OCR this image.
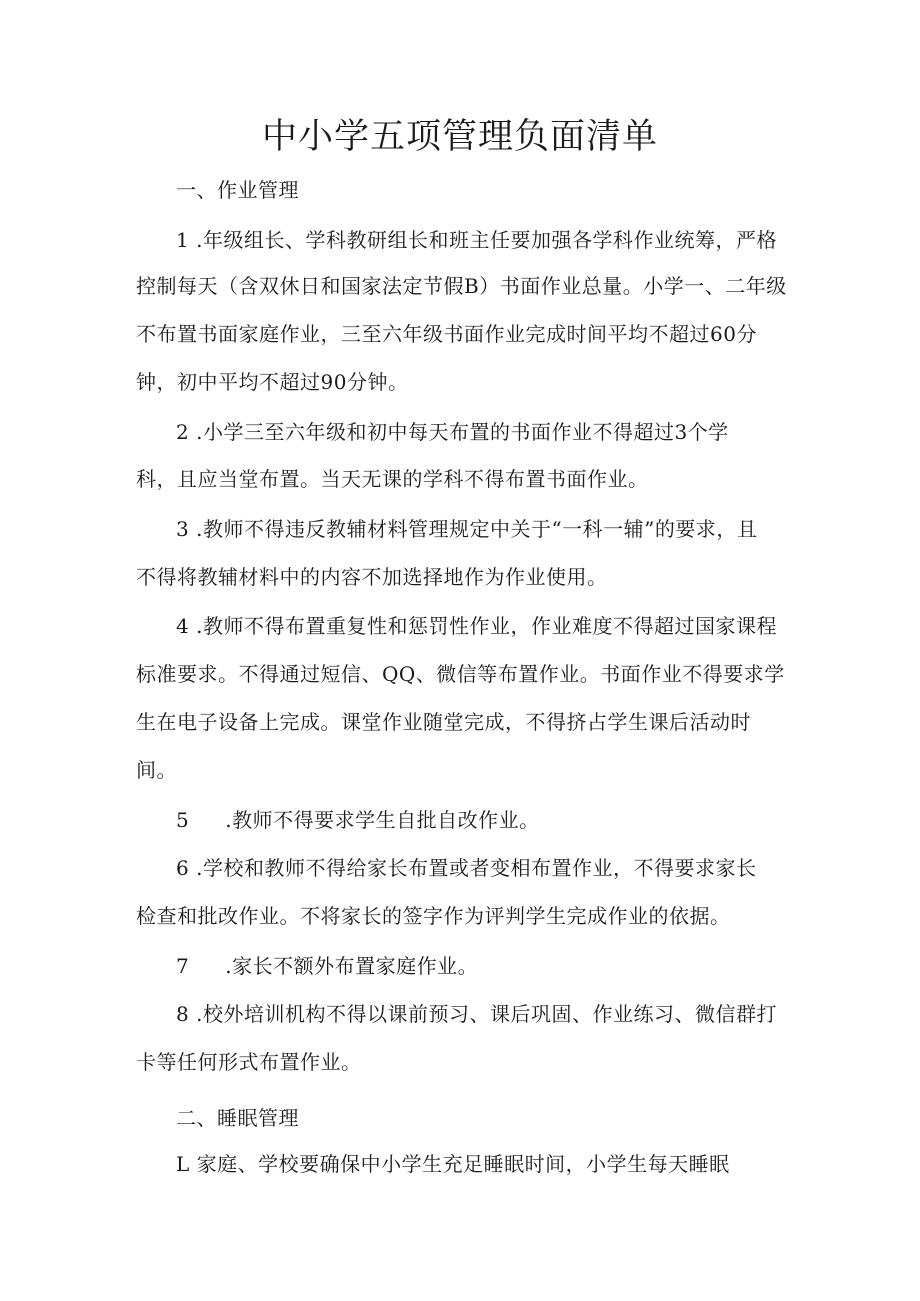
中小学五项管理负面清单
一、作业管理
1 .年级组长、学科教研组长和班主任要加强各学科作业统筹，严格
控制每天（含双休日和国家法定节假B）书面作业总量。小学一、二年级
不布置书面家庭作业，三至六年级书面作业完成时间平均不超过60分
钟，初中平均不超过90分钟。
2 .小学三至六年级和初中每天布置的书面作业不得超过3个学
科，且应当堂布置。当天无课的学科不得布置书面作业。
3 .教师不得违反教辅材料管理规定中关于“一科一辅”的要求，且
不得将教辅材料中的内容不加选择地作为作业使用。
4 .教师不得布置重复性和惩罚性作业，作业难度不得超过国家课程
标准要求。不得通过短信、QQ、微信等布置作业。书面作业不得要求学
生在电子设备上完成。课堂作业随堂完成，不得挤占学生课后活动时
间。
5 .教师不得要求学生自批自改作业。
6 .学校和教师不得给家长布置或者变相布置作业，不得要求家长
检查和批改作业。不将家长的签字作为评判学生完成作业的依据。
7 .家长不额外布置家庭作业。
8 .校外培训机构不得以课前预习、课后巩固、作业练习、微信群打
卡等任何形式布置作业。
二、睡眠管理
L 家庭、学校要确保中小学生充足睡眠时间，小学生每天睡眠
